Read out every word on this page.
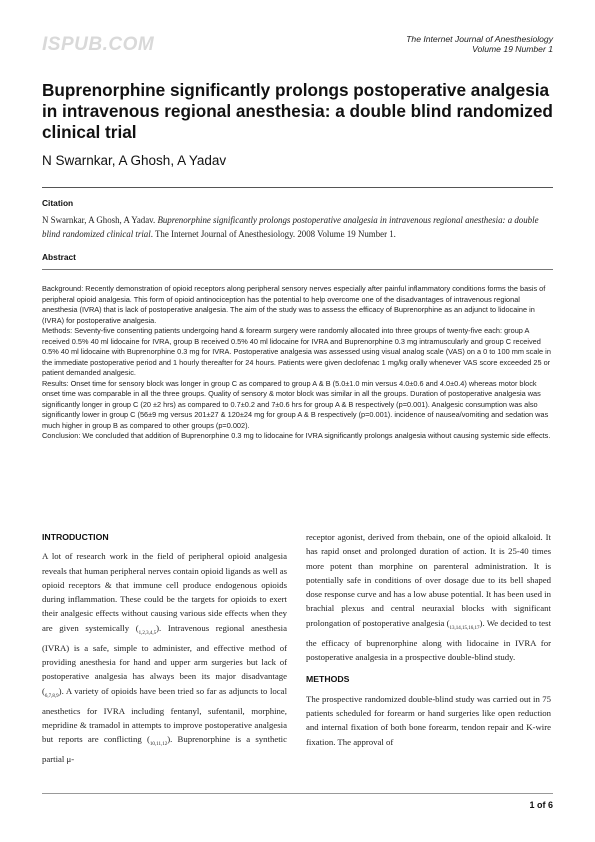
ISPUB.COM	The Internet Journal of Anesthesiology
Volume 19 Number 1
Buprenorphine significantly prolongs postoperative analgesia in intravenous regional anesthesia: a double blind randomized clinical trial
N Swarnkar, A Ghosh, A Yadav
Citation
N Swarnkar, A Ghosh, A Yadav. Buprenorphine significantly prolongs postoperative analgesia in intravenous regional anesthesia: a double blind randomized clinical trial. The Internet Journal of Anesthesiology. 2008 Volume 19 Number 1.
Abstract

Background: Recently demonstration of opioid receptors along peripheral sensory nerves especially after painful inflammatory conditions forms the basis of peripheral opioid analgesia. This form of opioid antinociception has the potential to help overcome one of the disadvantages of intravenous regional anesthesia (IVRA) that is lack of postoperative analgesia. The aim of the study was to assess the efficacy of Buprenorphine as an adjunct to lidocaine in (IVRA) for postoperative analgesia.

Methods: Seventy-five consenting patients undergoing hand & forearm surgery were randomly allocated into three groups of twenty-five each: group A received 0.5% 40 ml lidocaine for IVRA, group B received 0.5% 40 ml lidocaine for IVRA and Buprenorphine 0.3 mg intramuscularly and group C received 0.5% 40 ml lidocaine with Buprenorphine 0.3 mg for IVRA. Postoperative analgesia was assessed using visual analog scale (VAS) on a 0 to 100 mm scale in the immediate postoperative period and 1 hourly thereafter for 24 hours. Patients were given declofenac 1 mg/kg orally whenever VAS score exceeded 25 or patient demanded analgesic.

Results: Onset time for sensory block was longer in group C as compared to group A & B (5.0±1.0 min versus 4.0±0.6 and 4.0±0.4) whereas motor block onset time was comparable in all the three groups. Quality of sensory & motor block was similar in all the groups. Duration of postoperative analgesia was significantly longer in group C (20 ±2 hrs) as compared to 0.7±0.2 and 7±0.6 hrs for group A & B respectively (p=0.001). Analgesic consumption was also significantly lower in group C (56±9 mg versus 201±27 & 120±24 mg for group A & B respectively (p=0.001). incidence of nausea/vomiting and sedation was much higher in group B as compared to other groups (p=0.002).

Conclusion: We concluded that addition of Buprenorphine 0.3 mg to lidocaine for IVRA significantly prolongs analgesia without causing systemic side effects.

INTRODUCTION

A lot of research work in the field of peripheral opioid analgesia reveals that human peripheral nerves contain opioid ligands as well as opioid receptors & that immune cell produce endogenous opioids during inflammation. These could be the targets for opioids to exert their analgesic effects without causing various side effects when they are given systemically $(_{1,2,3,4,5})$. Intravenous regional anesthesia (IVRA) is a safe, simple to administer, and effective method of providing anesthesia for hand and upper arm surgeries but lack of postoperative analgesia has always been its major disadvantage $(_{6,7,8,9})$. A variety of opioids have been tried so far as adjuncts to local anesthetics for IVRA including fentanyl, sufentanil, morphine, mepridine & tramadol in attempts to improve postoperative analgesia but reports are conflicting $(_{10,11,12})$. Buprenorphine is a synthetic partial μ-

receptor agonist, derived from thebain, one of the opioid alkaloid. It has rapid onset and prolonged duration of action. It is 25-40 times more potent than morphine on parenteral administration. It is potentially safe in conditions of over dosage due to its bell shaped dose response curve and has a low abuse potential. It has been used in brachial plexus and central neuraxial blocks with significant prolongation of postoperative analgesia $(_{13,14,15,16,17})$. We decided to test the efficacy of buprenorphine along with lidocaine in IVRA for postoperative analgesia in a prospective double-blind study.

METHODS

The prospective randomized double-blind study was carried out in 75 patients scheduled for forearm or hand surgeries like open reduction and internal fixation of both bone forearm, tendon repair and K-wire fixation. The approval of

1 of 6
